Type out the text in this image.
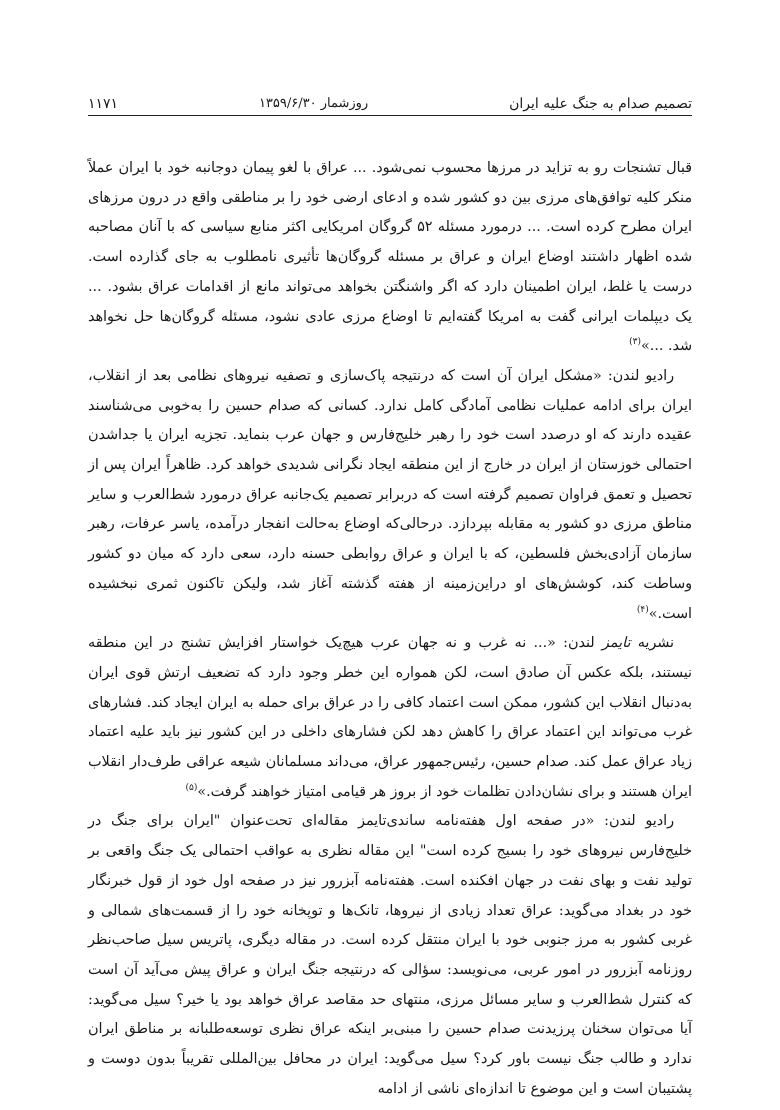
تصمیم صدام به جنگ علیه ایران
روزشمار ۱۳۵۹/۶/۳۰
۱۱۷۱

قبال تشنجات رو به تزاید در مرزها محسوب نمی‌شود. ... عراق با لغو پیمان دوجانبه خود با ایران عملاً منکر کلیه توافق‌های مرزی بین دو کشور شده و ادعای ارضی خود را بر مناطقی واقع در درون مرزهای ایران مطرح کرده است. ... درمورد مسئله ۵۲ گروگان امریکایی اکثر منابع سیاسی که با آنان مصاحبه شده اظهار داشتند اوضاع ایران و عراق بر مسئله گروگان‌ها تأثیری نامطلوب به جای گذارده است. درست یا غلط، ایران اطمینان دارد که اگر واشنگتن بخواهد می‌تواند مانع از اقدامات عراق بشود. ... یک دیپلمات ایرانی گفت به امریکا گفته‌ایم تا اوضاع مرزی عادی نشود، مسئله گروگان‌ها حل نخواهد شد. ...»$^{(۳)}$

رادیو لندن: «مشکل ایران آن است که درنتیجه پاک‌سازی و تصفیه نیروهای نظامی بعد از انقلاب، ایران برای ادامه عملیات نظامی آمادگی کامل ندارد. کسانی که صدام حسین را به‌خوبی می‌شناسند عقیده دارند که او درصدد است خود را رهبر خلیج‌فارس و جهان عرب بنماید. تجزیه ایران یا جداشدن احتمالی خوزستان از ایران در خارج از این منطقه ایجاد نگرانی شدیدی خواهد کرد. ظاهراً ایران پس از تحصیل و تعمق فراوان تصمیم گرفته است که دربرابر تصمیم یک‌جانبه عراق درمورد شط‌العرب و سایر مناطق مرزی دو کشور به مقابله بپردازد. درحالی‌که اوضاع به‌حالت انفجار درآمده، یاسر عرفات، رهبر سازمان آزادی‌بخش فلسطین، که با ایران و عراق روابطی حسنه دارد، سعی دارد که میان دو کشور وساطت کند، کوشش‌های او دراین‌زمینه از هفته گذشته آغاز شد، ولیکن تاکنون ثمری نبخشیده است.»$^{(۴)}$

نشریه تایمز لندن: «... نه غرب و نه جهان عرب هیچ‌یک خواستار افزایش تشنج در این منطقه نیستند، بلکه عکس آن صادق است، لکن همواره این خطر وجود دارد که تضعیف ارتش قوی ایران به‌دنبال انقلاب این کشور، ممکن است اعتماد کافی را در عراق برای حمله به ایران ایجاد کند. فشارهای غرب می‌تواند این اعتماد عراق را کاهش دهد لکن فشارهای داخلی در این کشور نیز باید علیه اعتماد زیاد عراق عمل کند. صدام حسین، رئیس‌جمهور عراق، می‌داند مسلمانان شیعه عراقی طرف‌دار انقلاب ایران هستند و برای نشان‌دادن تظلمات خود از بروز هر قیامی امتیاز خواهند گرفت.»$^{(۵)}$

رادیو لندن: «در صفحه اول هفته‌نامه ساندی‌تایمز مقاله‌ای تحت‌عنوان "ایران برای جنگ در خلیج‌فارس نیروهای خود را بسیج کرده است" این مقاله نظری به عواقب احتمالی یک جنگ واقعی بر تولید نفت و بهای نفت در جهان افکنده است. هفته‌نامه آبزرور نیز در صفحه اول خود از قول خبرنگار خود در بغداد می‌گوید: عراق تعداد زیادی از نیروها، تانک‌ها و توپخانه خود را از قسمت‌های شمالی و غربی کشور به مرز جنوبی خود با ایران منتقل کرده است. در مقاله دیگری، پاتریس سیل صاحب‌نظر روزنامه آبزرور در امور عربی، می‌نویسد: سؤالی که درنتیجه جنگ ایران و عراق پیش می‌آید آن است که کنترل شط‌العرب و سایر مسائل مرزی، منتهای حد مقاصد عراق خواهد بود یا خیر؟ سیل می‌گوید: آیا می‌توان سخنان پرزیدنت صدام حسین را مبنی‌بر اینکه عراق نظری توسعه‌طلبانه بر مناطق ایران ندارد و طالب جنگ نیست باور کرد؟ سیل می‌گوید: ایران در محافل بین‌المللی تقریباً بدون دوست و پشتیبان است و این موضوع تا اندازه‌ای ناشی از ادامه
